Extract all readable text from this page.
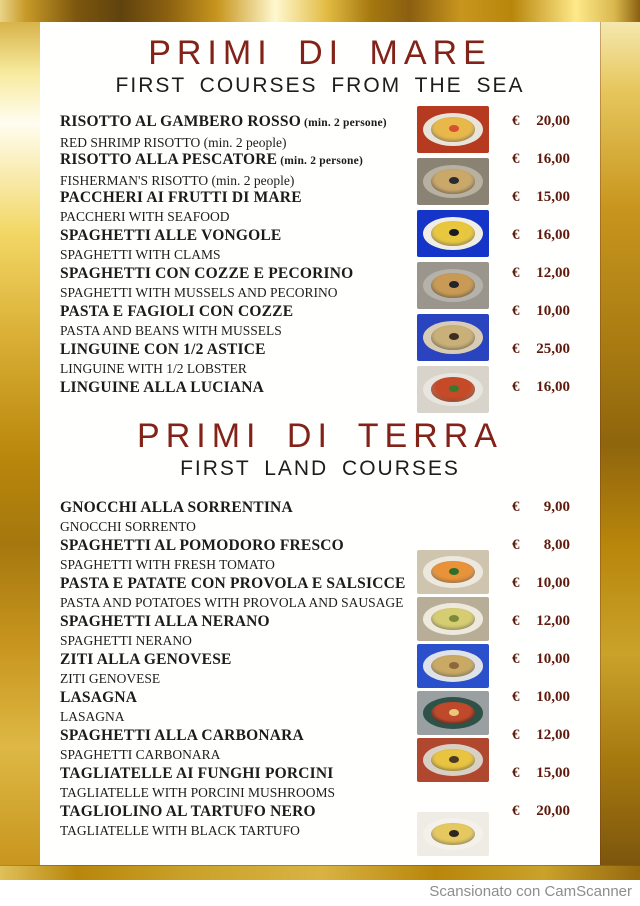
PRIMI DI MARE
FIRST COURSES FROM THE SEA
RISOTTO AL GAMBERO ROSSO (min. 2 persone)
RED SHRIMP RISOTTO (min. 2 people)
€ 20,00
RISOTTO ALLA PESCATORE (min. 2 persone)
FISHERMAN'S RISOTTO (min. 2 people)
€ 16,00
PACCHERI AI FRUTTI DI MARE
PACCHERI WITH SEAFOOD
€ 15,00
SPAGHETTI ALLE VONGOLE
SPAGHETTI WITH CLAMS
€ 16,00
SPAGHETTI CON COZZE E PECORINO
SPAGHETTI WITH MUSSELS AND PECORINO
€ 12,00
PASTA E FAGIOLI CON COZZE
PASTA AND BEANS WITH MUSSELS
€ 10,00
LINGUINE CON 1/2 ASTICE
LINGUINE WITH 1/2 LOBSTER
€ 25,00
LINGUINE ALLA LUCIANA	€ 16,00
PRIMI DI TERRA
FIRST LAND COURSES
GNOCCHI ALLA SORRENTINA
GNOCCHI SORRENTO
€ 9,00
SPAGHETTI AL POMODORO FRESCO
SPAGHETTI WITH FRESH TOMATO
€ 8,00
PASTA E PATATE CON PROVOLA E SALSICCE
PASTA AND POTATOES WITH PROVOLA AND SAUSAGE
€ 10,00
SPAGHETTI ALLA NERANO
SPAGHETTI NERANO
€ 12,00
ZITI ALLA GENOVESE
ZITI GENOVESE
€ 10,00
LASAGNA
LASAGNA
€ 10,00
SPAGHETTI ALLA CARBONARA
SPAGHETTI CARBONARA
€ 12,00
TAGLIATELLE AI FUNGHI PORCINI
TAGLIATELLE WITH PORCINI MUSHROOMS
€ 15,00
TAGLIOLINO AL TARTUFO NERO
TAGLIATELLE WITH BLACK TARTUFO
€ 20,00
Scansionato con CamScanner
